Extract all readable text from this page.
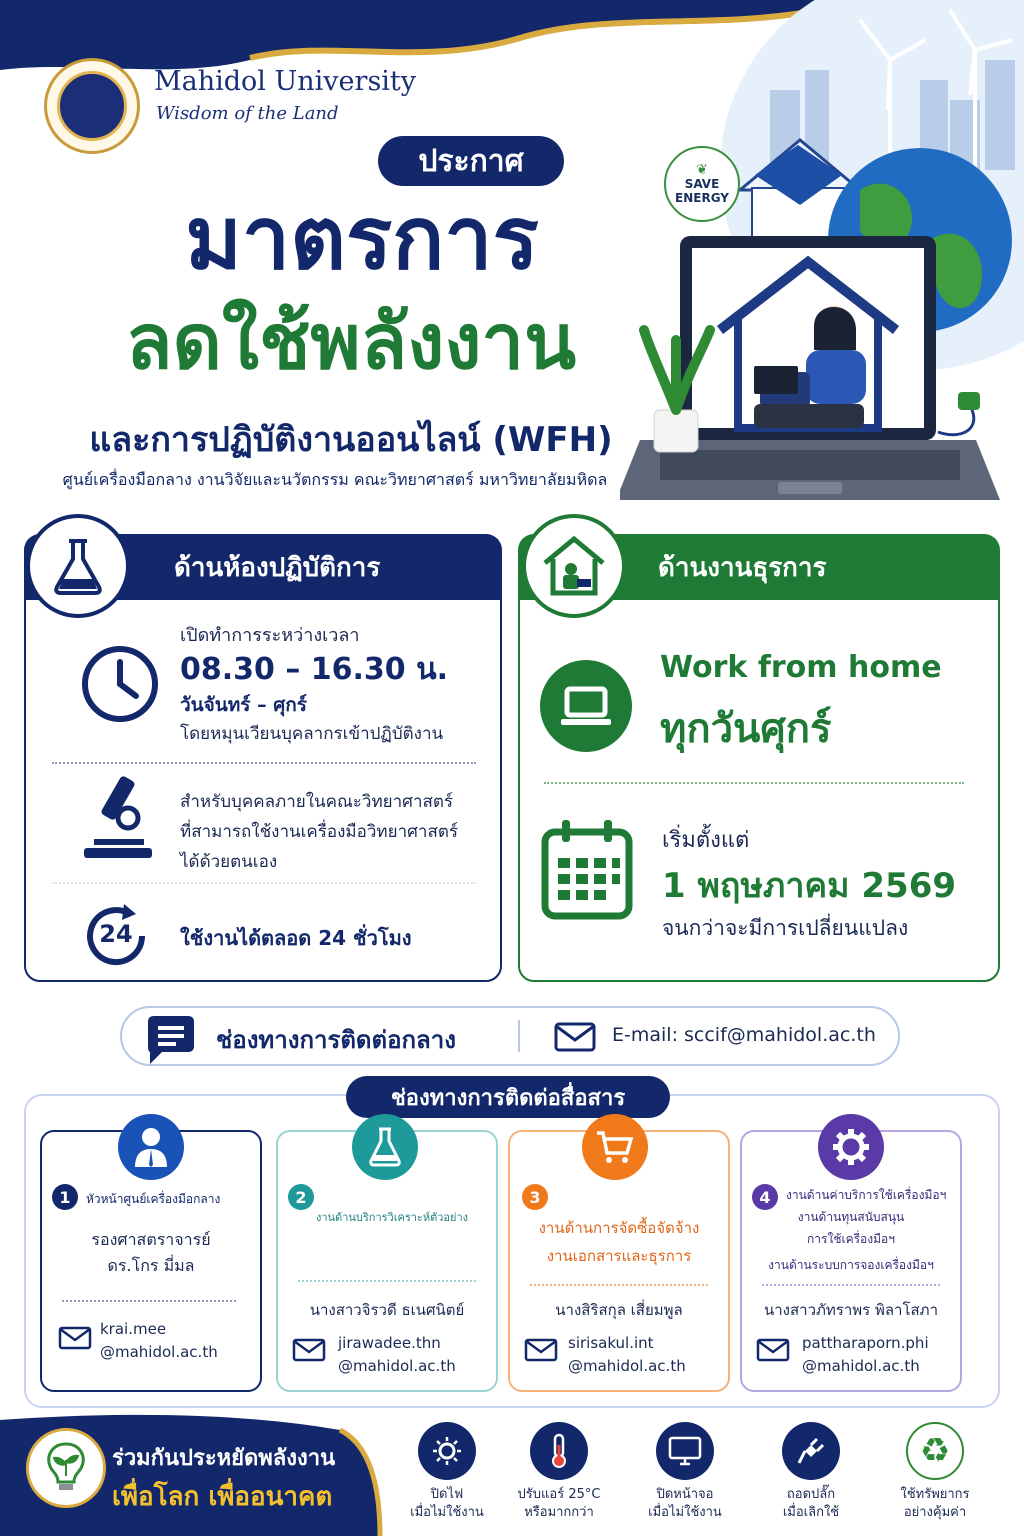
❦
SAVE
ENERGY
Mahidol University
Wisdom of the Land
ประกาศ
มาตรการ
ลดใช้พลังงาน
และการปฏิบัติงานออนไลน์ (WFH)
ศูนย์เครื่องมือกลาง งานวิจัยและนวัตกรรม คณะวิทยาศาสตร์ มหาวิทยาลัยมหิดล
ด้านห้องปฏิบัติการ
เปิดทำการระหว่างเวลา
08.30 – 16.30 น.
วันจันทร์ – ศุกร์
โดยหมุนเวียนบุคลากรเข้าปฏิบัติงาน
สำหรับบุคคลภายในคณะวิทยาศาสตร์
ที่สามารถใช้งานเครื่องมือวิทยาศาสตร์
ได้ด้วยตนเอง
24	ใช้งานได้ตลอด 24 ชั่วโมง
ด้านงานธุรการ
Work from home
ทุกวันศุกร์
เริ่มตั้งแต่
1 พฤษภาคม 2569
จนกว่าจะมีการเปลี่ยนแปลง
ช่องทางการติดต่อกลาง	E-mail: sccif@mahidol.ac.th
ช่องทางการติดต่อสื่อสาร
1	หัวหน้าศูนย์เครื่องมือกลาง
รองศาสตราจารย์
ดร.โกร มี่มล
krai.mee
@mahidol.ac.th
2
งานด้านบริการวิเคราะห์ตัวอย่าง
นางสาวจิรวดี ธเนศนิตย์
jirawadee.thn
@mahidol.ac.th
3
งานด้านการจัดซื้อจัดจ้าง
งานเอกสารและธุรการ
นางสิริสกุล เสี่ยมพูล
sirisakul.int
@mahidol.ac.th
4	งานด้านค่าบริการใช้เครื่องมือฯ
งานด้านทุนสนับสนุน
การใช้เครื่องมือฯ
งานด้านระบบการจองเครื่องมือฯ
นางสาวภัทราพร พิลาโสภา
pattharaporn.phi
@mahidol.ac.th
ร่วมกันประหยัดพลังงาน
เพื่อโลก เพื่ออนาคต	ปิดไฟ
เมื่อไม่ใช้งาน
ปรับแอร์ 25°C
หรือมากกว่า
ปิดหน้าจอ
เมื่อไม่ใช้งาน
ถอดปลั๊ก
เมื่อเลิกใช้
♻
ใช้ทรัพยากร
อย่างคุ้มค่า
